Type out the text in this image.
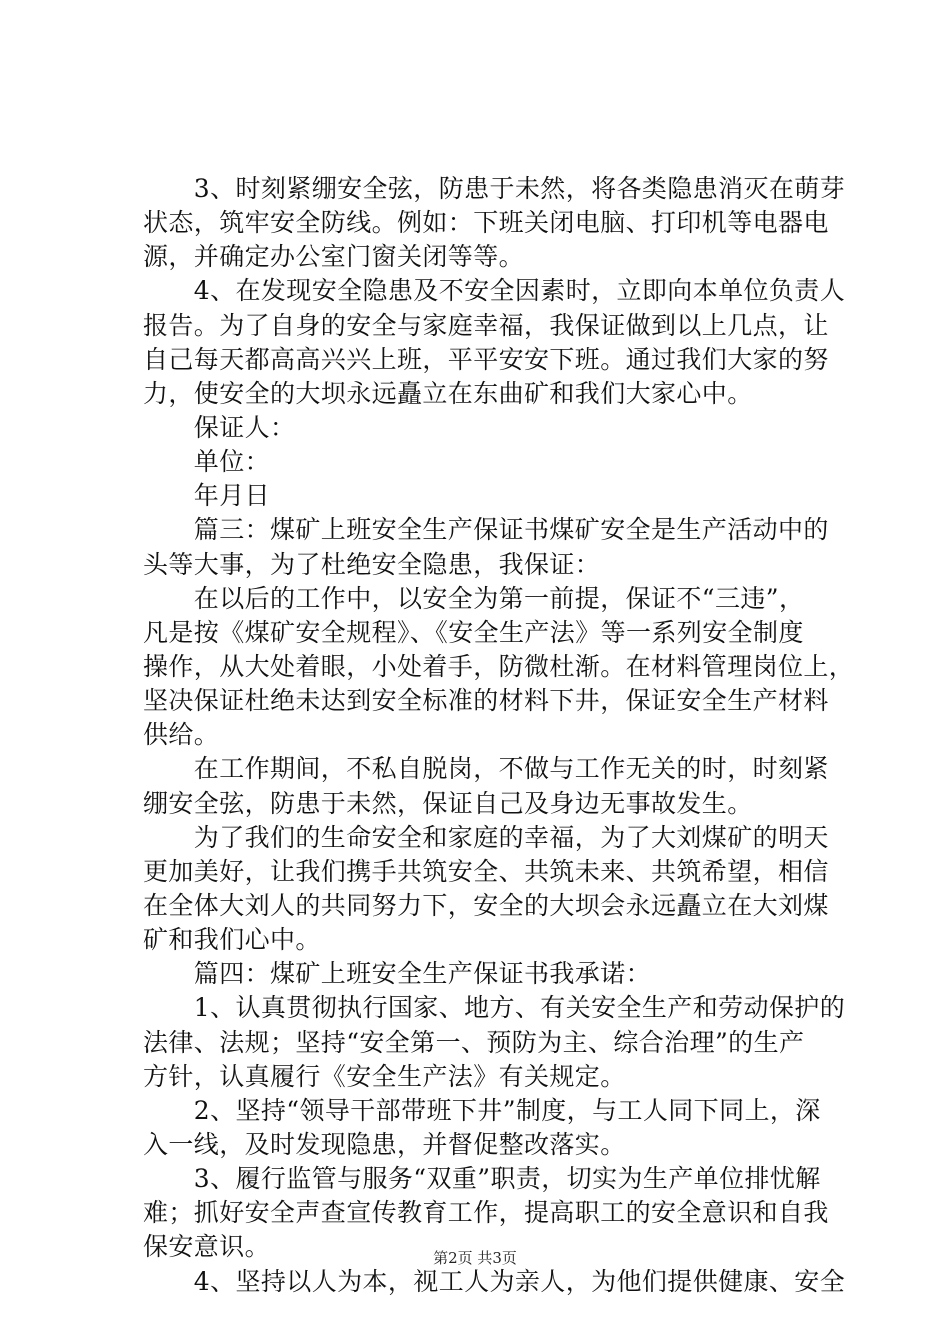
　　3、时刻紧绷安全弦，防患于未然，将各类隐患消灭在萌芽
状态，筑牢安全防线。例如：下班关闭电脑、打印机等电器电
源，并确定办公室门窗关闭等等。
　　4、在发现安全隐患及不安全因素时，立即向本单位负责人
报告。为了自身的安全与家庭幸福，我保证做到以上几点，让
自己每天都高高兴兴上班，平平安安下班。通过我们大家的努
力，使安全的大坝永远矗立在东曲矿和我们大家心中。
　　保证人：
　　单位：
　　年月日
　　篇三：煤矿上班安全生产保证书煤矿安全是生产活动中的
头等大事，为了杜绝安全隐患，我保证：
　　在以后的工作中，以安全为第一前提，保证不“三违”，
凡是按《煤矿安全规程》、《安全生产法》等一系列安全制度
操作，从大处着眼，小处着手，防微杜渐。在材料管理岗位上，
坚决保证杜绝未达到安全标准的材料下井，保证安全生产材料
供给。
　　在工作期间，不私自脱岗，不做与工作无关的时，时刻紧
绷安全弦，防患于未然，保证自己及身边无事故发生。
　　为了我们的生命安全和家庭的幸福，为了大刘煤矿的明天
更加美好，让我们携手共筑安全、共筑未来、共筑希望，相信
在全体大刘人的共同努力下，安全的大坝会永远矗立在大刘煤
矿和我们心中。
　　篇四：煤矿上班安全生产保证书我承诺：
　　1、认真贯彻执行国家、地方、有关安全生产和劳动保护的
法律、法规；坚持“安全第一、预防为主、综合治理”的生产
方针，认真履行《安全生产法》有关规定。
　　2、坚持“领导干部带班下井”制度，与工人同下同上，深
入一线，及时发现隐患，并督促整改落实。
　　3、履行监管与服务“双重”职责，切实为生产单位排忧解
难；抓好安全声查宣传教育工作，提高职工的安全意识和自我
保安意识。
　　4、坚持以人为本，视工人为亲人，为他们提供健康、安全
第2页 共3页
